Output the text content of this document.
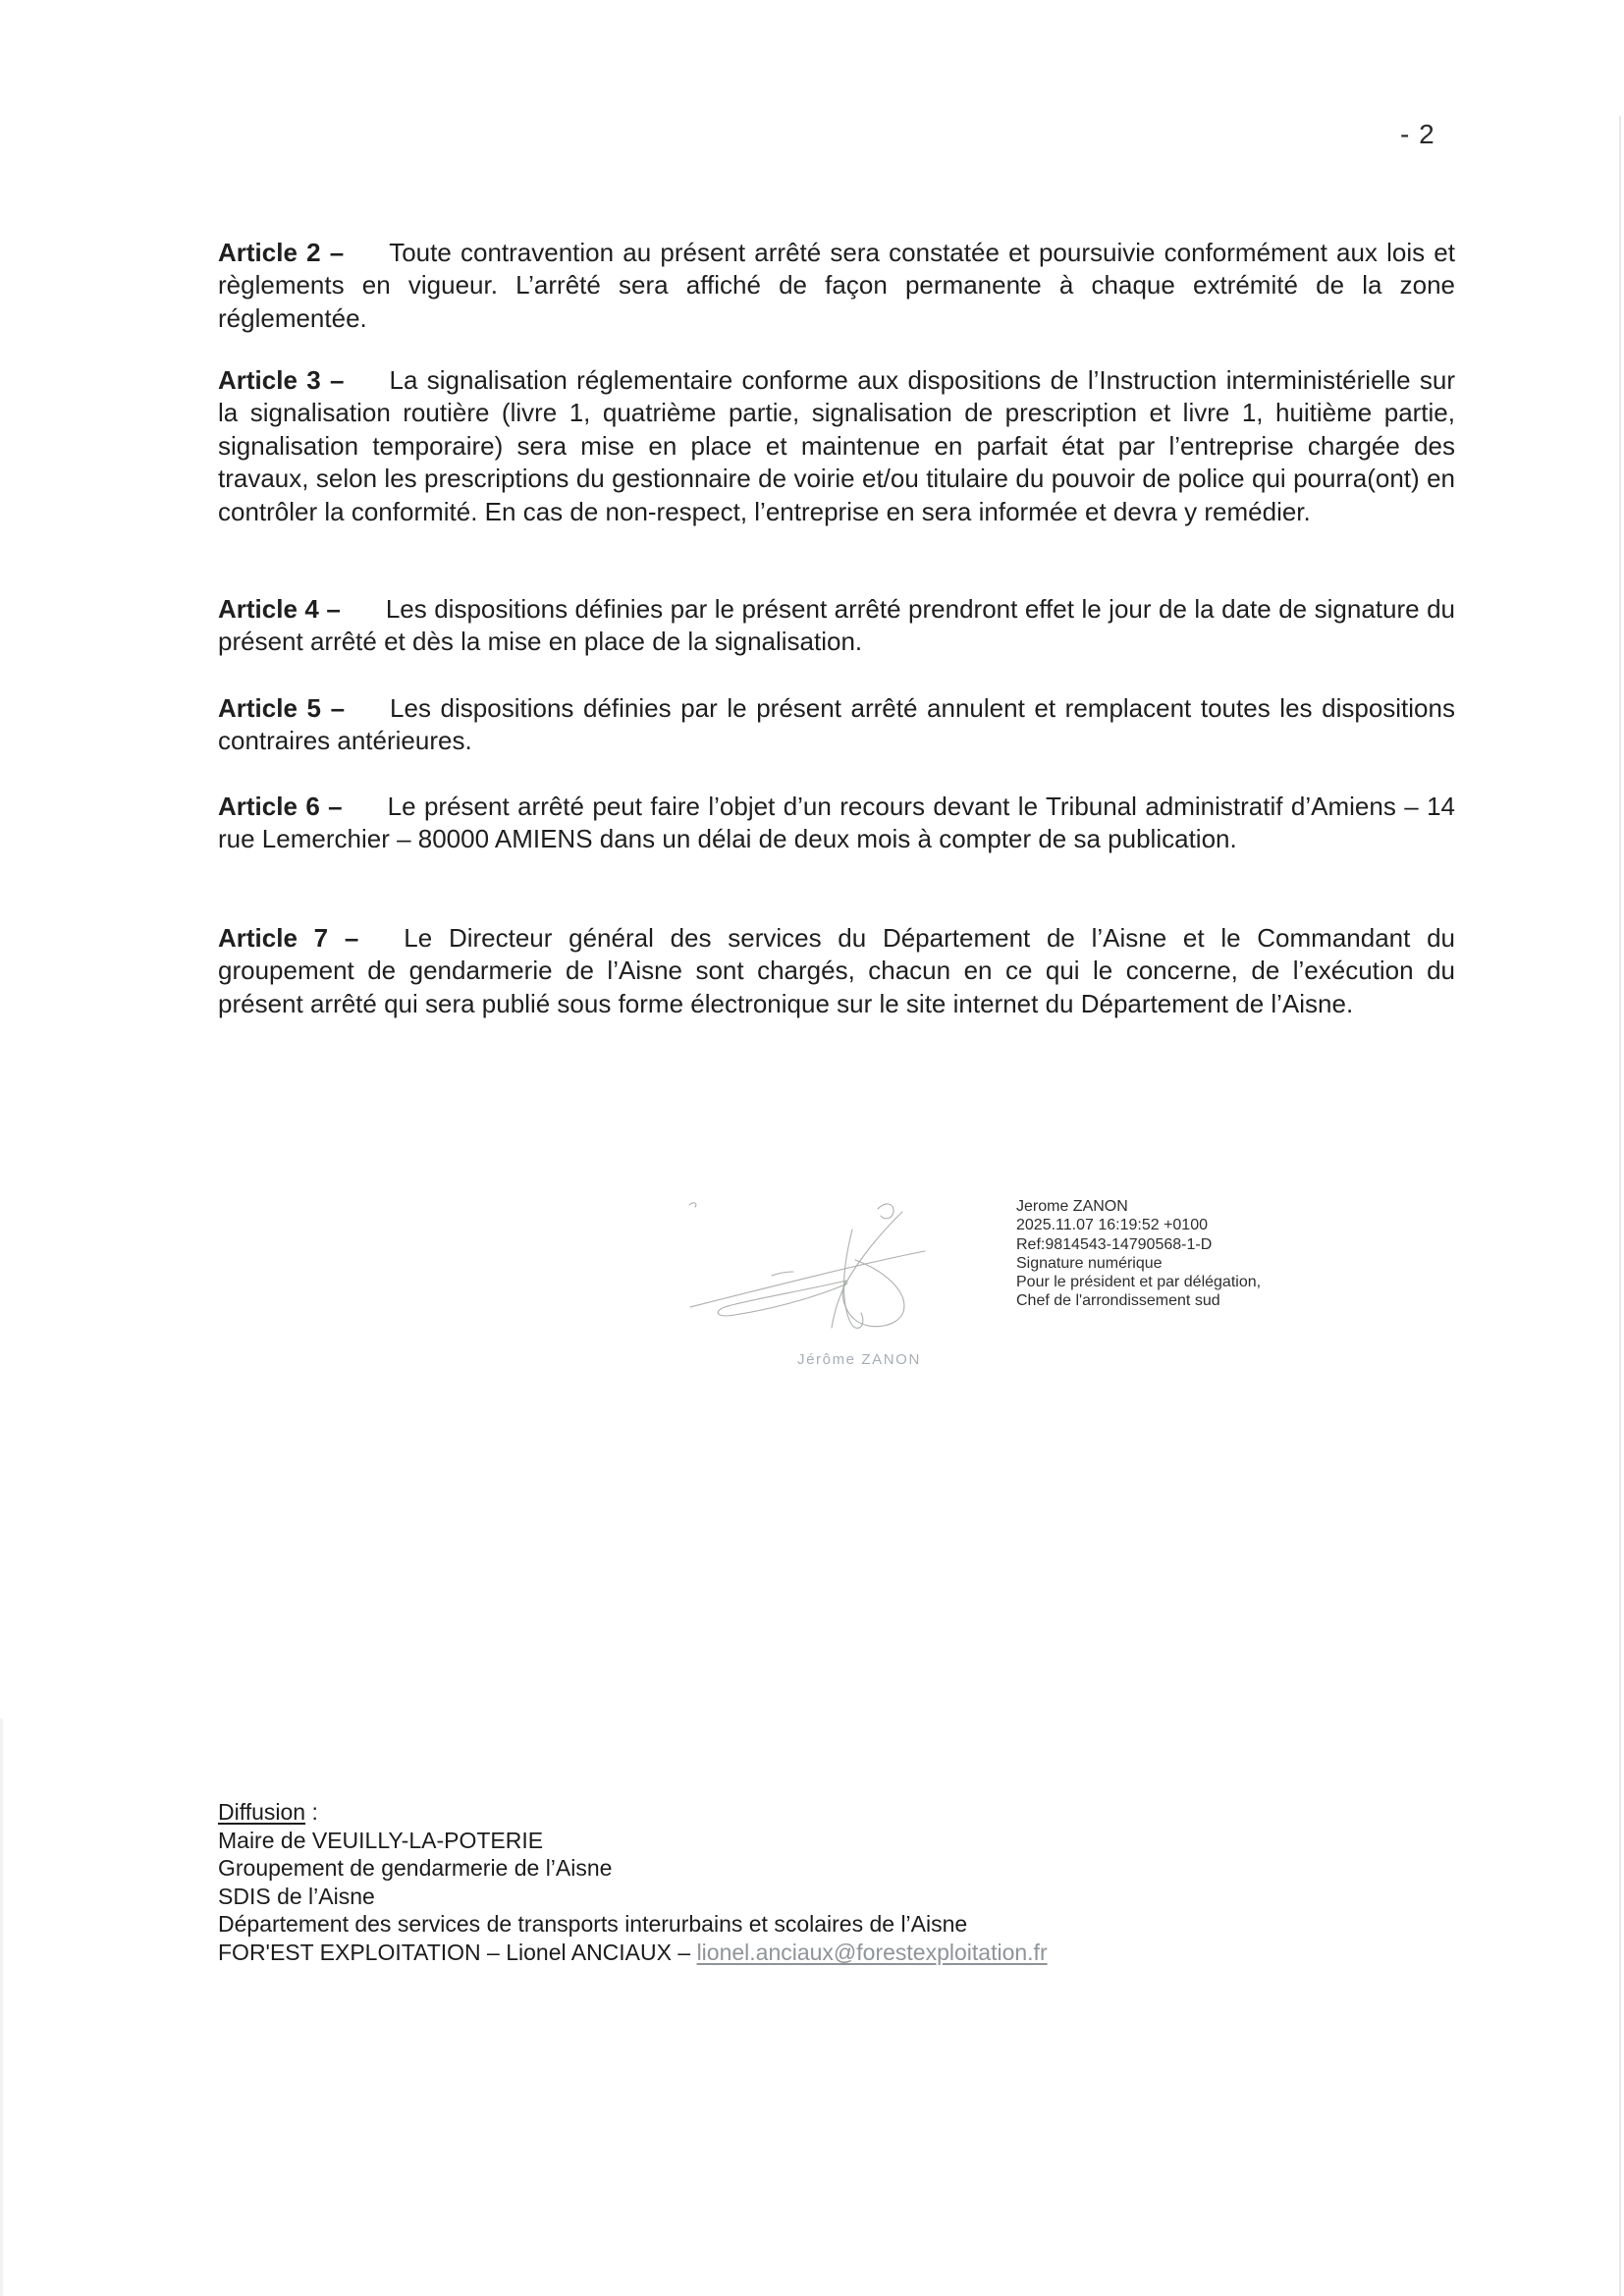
- 2

Article 2 – Toute contravention au présent arrêté sera constatée et poursuivie conformément aux lois et règlements en vigueur. L’arrêté sera affiché de façon permanente à chaque extrémité de la zone réglementée.

Article 3 – La signalisation réglementaire conforme aux dispositions de l’Instruction interministérielle sur la signalisation routière (livre 1, quatrième partie, signalisation de prescription et livre 1, huitième partie, signalisation temporaire) sera mise en place et maintenue en parfait état par l’entreprise chargée des travaux, selon les prescriptions du gestionnaire de voirie et/ou titulaire du pouvoir de police qui pourra(ont) en contrôler la conformité. En cas de non-respect, l’entreprise en sera informée et devra y remédier.

Article 4 – Les dispositions définies par le présent arrêté prendront effet le jour de la date de signature du présent arrêté et dès la mise en place de la signalisation.

Article 5 – Les dispositions définies par le présent arrêté annulent et remplacent toutes les dispositions contraires antérieures.

Article 6 – Le présent arrêté peut faire l’objet d’un recours devant le Tribunal administratif d’Amiens – 14 rue Lemerchier – 80000 AMIENS dans un délai de deux mois à compter de sa publication.

Article 7 – Le Directeur général des services du Département de l’Aisne et le Commandant du groupement de gendarmerie de l’Aisne sont chargés, chacun en ce qui le concerne, de l’exécution du présent arrêté qui sera publié sous forme électronique sur le site internet du Département de l’Aisne.

Jerome ZANON
2025.11.07 16:19:52 +0100
Ref:9814543-14790568-1-D
Signature numérique
Pour le président et par délégation,
Chef de l'arrondissement sud
Jérôme ZANON
Diffusion :
Maire de VEUILLY-LA-POTERIE
Groupement de gendarmerie de l’Aisne
SDIS de l’Aisne
Département des services de transports interurbains et scolaires de l’Aisne
FOR'EST EXPLOITATION – Lionel ANCIAUX – lionel.anciaux@forestexploitation.fr
